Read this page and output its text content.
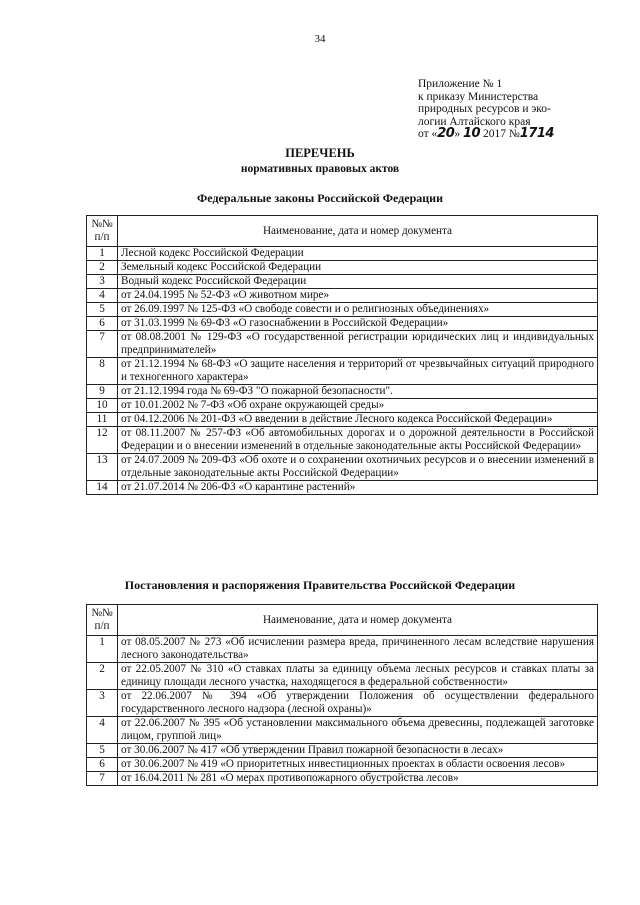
34
Приложение № 1
к приказу Министерства
природных ресурсов и эко-
логии Алтайского края
от «20» 10 2017 №1714
ПЕРЕЧЕНЬ
нормативных правовых актов
Федеральные законы Российской Федерации
№№ п/п	Наименование, дата и номер документа
1	Лесной кодекс Российской Федерации
2	Земельный кодекс Российской Федерации
3	Водный кодекс Российской Федерации
4	от 24.04.1995 № 52-ФЗ «О животном мире»
5	от 26.09.1997 № 125-ФЗ «О свободе совести и о религиозных объединениях»
6	от 31.03.1999 № 69-ФЗ «О газоснабжении в Российской Федерации»
7	от 08.08.2001 № 129-ФЗ «О государственной регистрации юридических лиц и индивидуальных предпринимателей»
8	от 21.12.1994 № 68-ФЗ «О защите населения и территорий от чрезвычайных ситуаций природного и техногенного характера»
9	от 21.12.1994 года № 69-ФЗ "О пожарной безопасности".
10	от 10.01.2002 № 7-ФЗ «Об охране окружающей среды»
11	от 04.12.2006 № 201-ФЗ «О введении в действие Лесного кодекса Российской Федерации»
12	от 08.11.2007 № 257-ФЗ «Об автомобильных дорогах и о дорожной деятельности в Российской Федерации и о внесении изменений в отдельные законодательные акты Российской Федерации»
13	от 24.07.2009 № 209-ФЗ «Об охоте и о сохранении охотничьих ресурсов и о внесении изменений в отдельные законодательные акты Российской Федерации»
14	от 21.07.2014 № 206-ФЗ «О карантине растений»
Постановления и распоряжения Правительства Российской Федерации
№№ п/п	Наименование, дата и номер документа
1	от 08.05.2007 № 273 «Об исчислении размера вреда, причиненного лесам вследствие нарушения лесного законодательства»
2	от 22.05.2007 № 310 «О ставках платы за единицу объема лесных ресурсов и ставках платы за единицу площади лесного участка, находящегося в федеральной собственности»
3	от 22.06.2007 № 394 «Об утверждении Положения об осуществлении федерального государственного лесного надзора (лесной охраны)»
4	от 22.06.2007 № 395 «Об установлении максимального объема древесины, подлежащей заготовке лицом, группой лиц»
5	от 30.06.2007 № 417 «Об утверждении Правил пожарной безопасности в лесах»
6	от 30.06.2007 № 419 «О приоритетных инвестиционных проектах в области освоения лесов»
7	от 16.04.2011 № 281 «О мерах противопожарного обустройства лесов»
